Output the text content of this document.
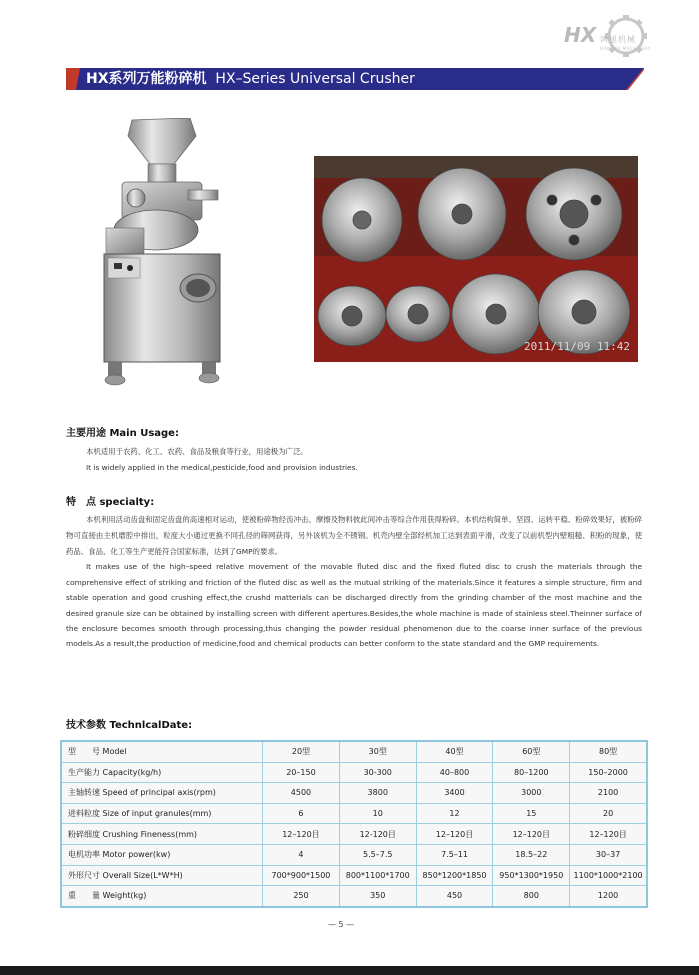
HX 鸿旭机械
HONGXU MACHINERY
HX系列万能粉碎机 HX–Series Universal Crusher
2011/11/09 11:42
主要用途 Main Usage:

本机适用于农药、化工、农药、食品及粮食等行业，用途极为广泛。

It is widely applied in the medical,pesticide,food and provision industries.

特　点 specialty:

本机利用活动齿盘和固定齿盘的高速相对运动，使被粉碎物经齿冲击、摩擦及物料彼此间冲击等综合作用获得粉碎。本机结构简单、坚固、运转平稳、粉碎效果好，被粉碎物可直接由主机磨腔中排出，粒度大小通过更换不同孔径的筛网获得，另外该机为全不锈钢。机壳内壁全部经机加工达到表面平滑，改变了以前机型内壁粗糙、积粉的现象，使药品、食品、化工等生产更能符合国家标准，达到了GMP的要求。

It makes use of the high–speed relative movement of the movable fluted disc and the fixed fluted disc to crush the materials through the comprehensive effect of striking and friction of the fluted disc as well as the mutual striking of the materials.Since it features a simple structure, firm and stable operation and good crushing effect,the crushd matterials can be discharged directly from the grinding chamber of the most machine and the desired granule size can be obtained by installing screen with different apertures.Besides,the whole machine is made of stainless steel.Theinner surface of the enclosure becomes smooth through processing,thus changing the powder residual phenomenon due to the coarse inner surface of the previous models.As a result,the production of medicine,food and chemical products can better conform to the state standard and the GMP requirements.

技术参数 TechnlcalDate:
型　　号 Model	20型	30型	40型	60型	80型
生产能力 Capacity(kg/h)	20–150	30-300	40–800	80–1200	150–2000
主轴转速 Speed of principal axis(rpm)	4500	3800	3400	3000	2100
进料粒度 Size of input granules(mm)	6	10	12	15	20
粉碎细度 Crushing Fineness(mm)	12–120目	12-120目	12–120目	12–120目	12–120目
电机功率 Motor power(kw)	4	5.5–7.5	7.5–11	18.5–22	30–37
外形尺寸 Overall Size(L*W*H)	700*900*1500	800*1100*1700	850*1200*1850	950*1300*1950	1100*1000*2100
重　　量 Weight(kg)	250	350	450	800	1200
— 5 —
